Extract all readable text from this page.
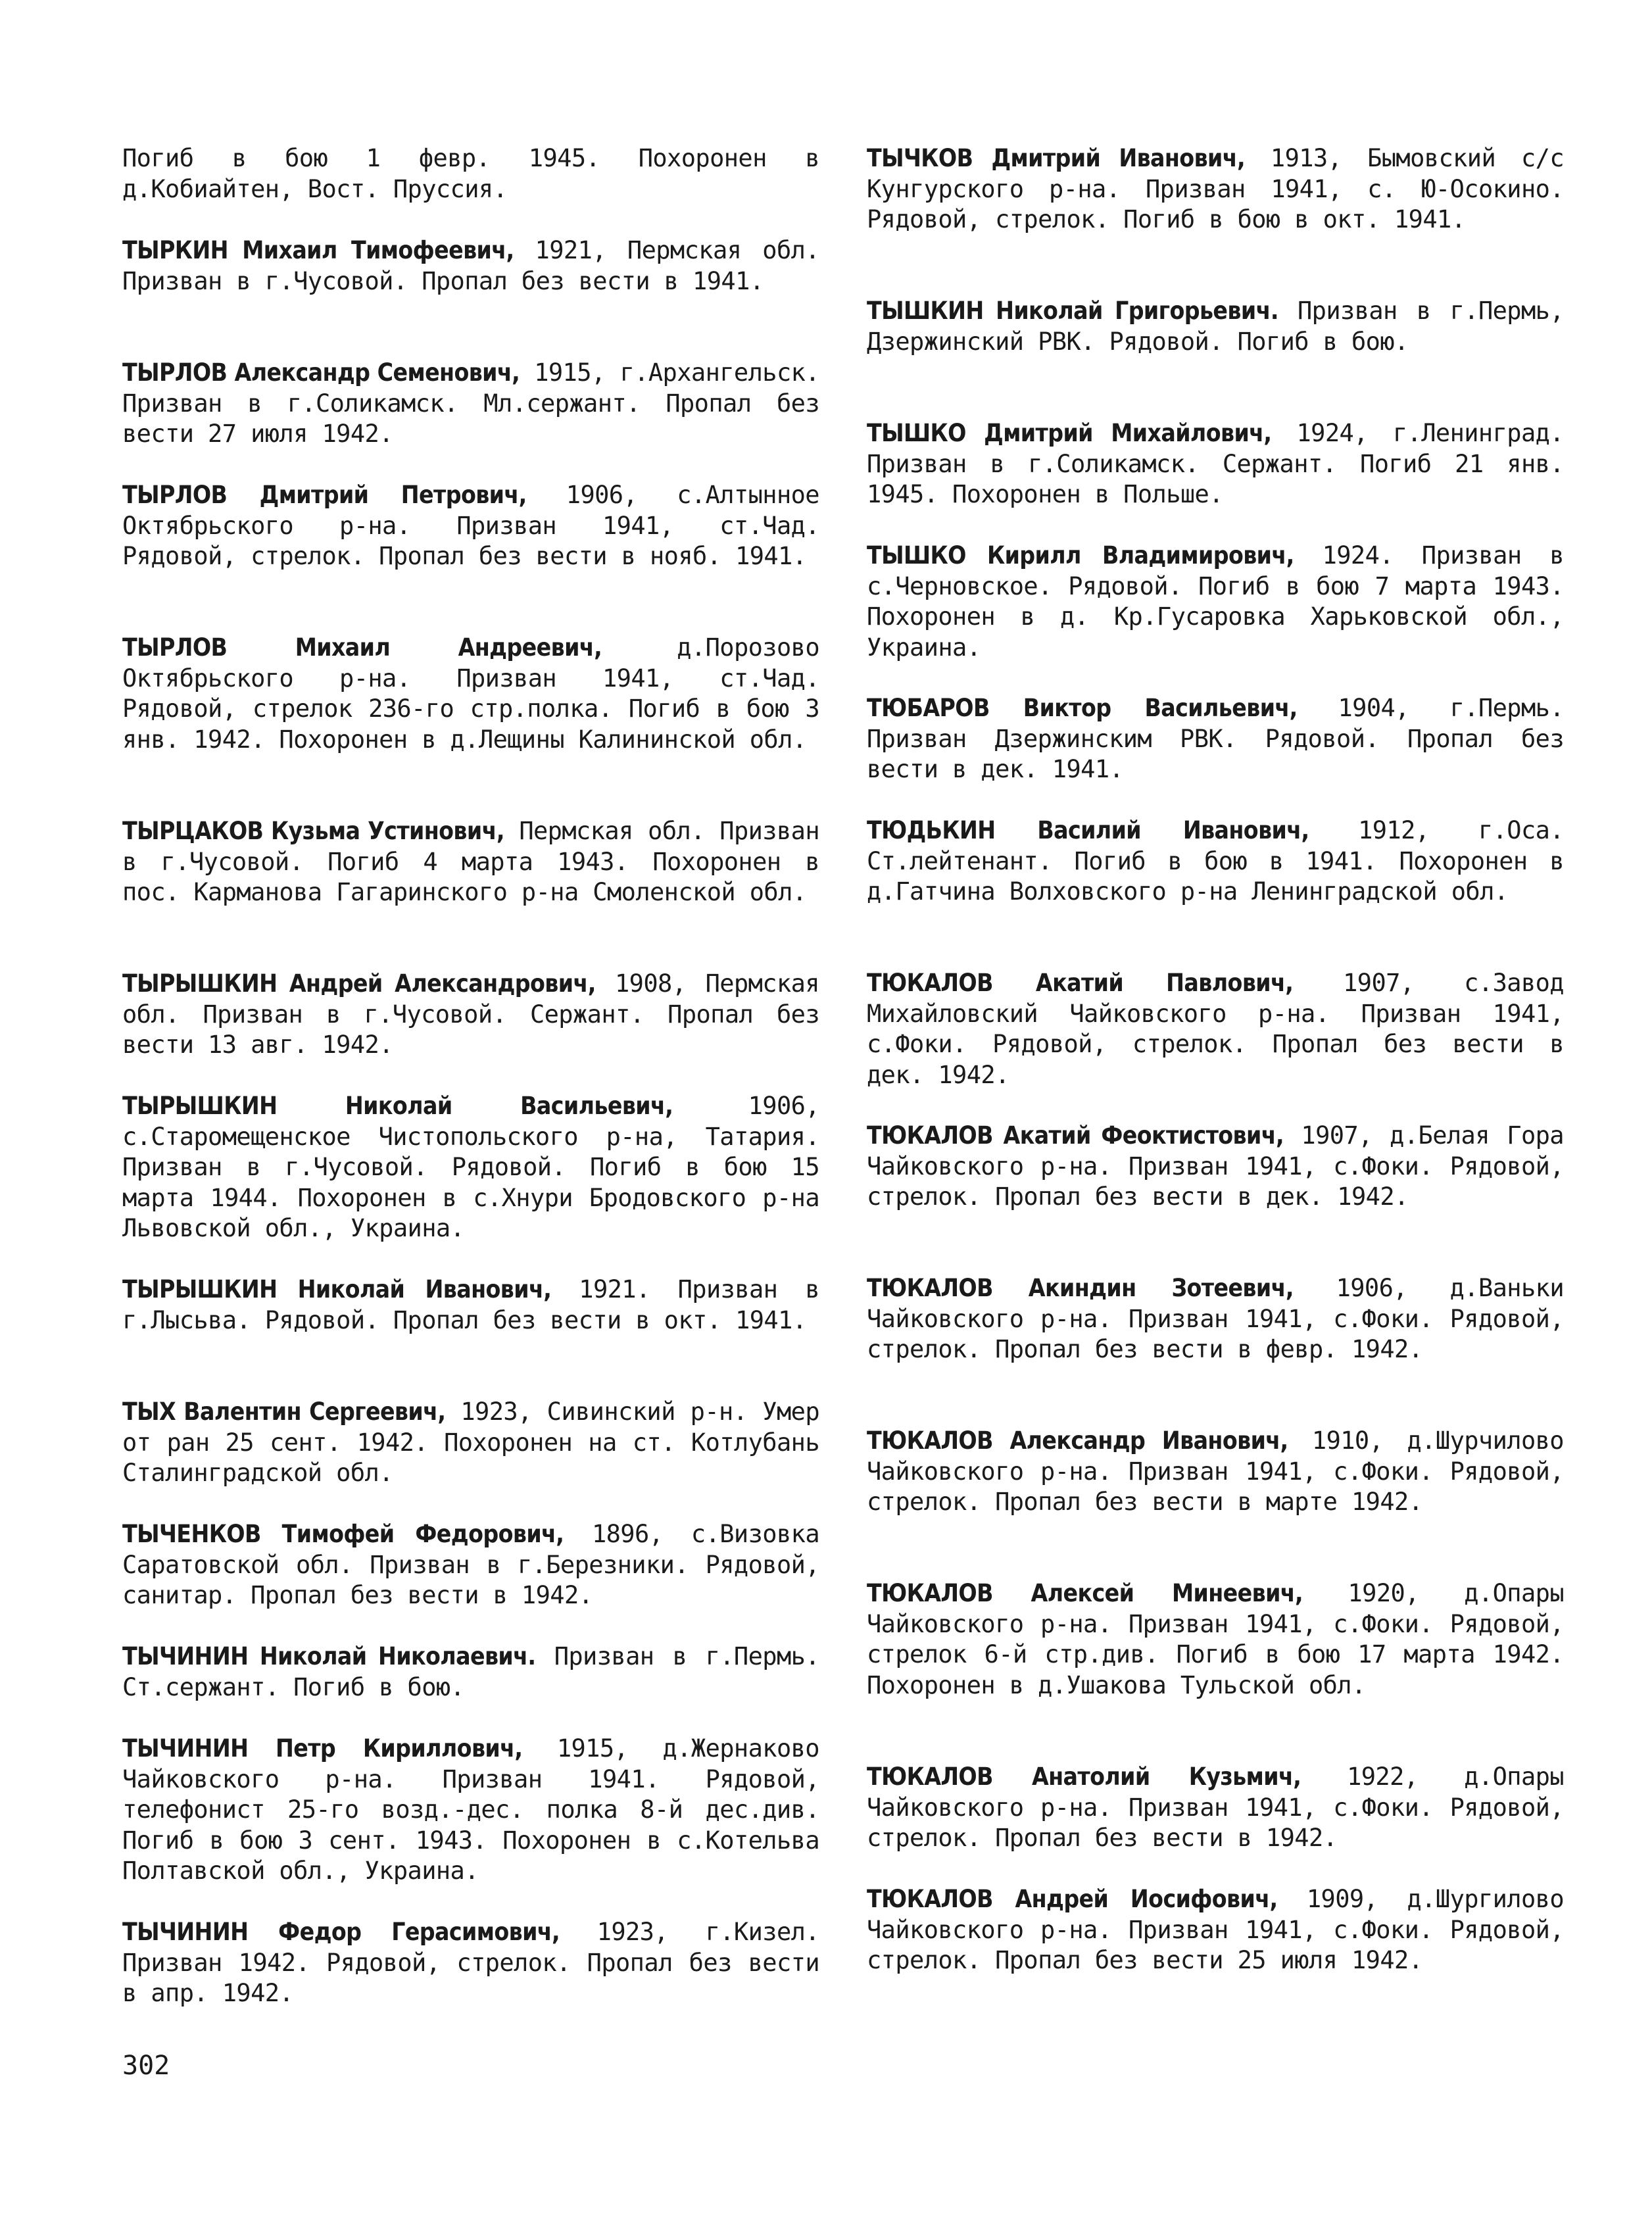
Погиб в бою 1 февр. 1945. Похоронен в д.Кобиайтен, Вост. Пруссия.

ТЫРКИН Михаил Тимофеевич, 1921, Пермская обл. Призван в г.Чусовой. Пропал без вести в 1941.

ТЫРЛОВ Александр Семенович, 1915, г.Архангельск. Призван в г.Соликамск. Мл.сержант. Пропал без вести 27 июля 1942.

ТЫРЛОВ Дмитрий Петрович, 1906, с.Алтынное Октябрьского р-на. Призван 1941, ст.Чад. Рядовой, стрелок. Пропал без вести в нояб. 1941.

ТЫРЛОВ Михаил Андреевич,	д.Порозово Октябрьского р-на. Призван 1941, ст.Чад. Рядовой, стрелок 236-го стр.полка. Погиб в бою 3 янв. 1942. Похоронен в д.Лещины Калининской обл.

ТЫРЦАКОВ Кузьма Устинович, Пермская обл. Призван в г.Чусовой. Погиб 4 марта 1943. Похоронен в пос. Карманова Гагаринского р-на Смоленской обл.

ТЫРЫШКИН Андрей Александрович, 1908, Пермская обл. Призван в г.Чусовой. Сержант. Пропал без вести 13 авг. 1942.

ТЫРЫШКИН Николай Васильевич,	1906, с.Старомещенское Чистопольского р-на, Татария. Призван в г.Чусовой. Рядовой. Погиб в бою 15 марта 1944. Похоронен в с.Хнури Бродовского р-на Львовской обл., Украина.

ТЫРЫШКИН Николай Иванович, 1921. Призван в г.Лысьва. Рядовой. Пропал без вести в окт. 1941.

ТЫХ Валентин Сергеевич, 1923, Сивинский р-н. Умер от ран 25 сент. 1942. Похоронен на ст. Котлубань Сталинградской обл.

ТЫЧЕНКОВ Тимофей Федорович, 1896, с.Визовка Саратовской обл. Призван в г.Березники. Рядовой, санитар. Пропал без вести в 1942.

ТЫЧИНИН Николай Николаевич. Призван в г.Пермь. Ст.сержант. Погиб в бою.

ТЫЧИНИН Петр Кириллович, 1915, д.Жернаково Чайковского р-на. Призван 1941. Рядовой, телефонист 25-го возд.-дес. полка 8-й дес.див. Погиб в бою 3 сент. 1943. Похоронен в с.Котельва Полтавской обл., Украина.

ТЫЧИНИН Федор Герасимович, 1923, г.Кизел. Призван 1942. Рядовой, стрелок. Пропал без вести в апр. 1942.

ТЫЧКОВ Дмитрий Иванович, 1913, Бымовский с/с Кунгурского р-на. Призван 1941, с. Ю-Осокино. Рядовой, стрелок. Погиб в бою в окт. 1941.

ТЫШКИН Николай Григорьевич. Призван в г.Пермь, Дзержинский РВК. Рядовой. Погиб в бою.

ТЫШКО Дмитрий Михайлович, 1924, г.Ленинград. Призван в г.Соликамск. Сержант. Погиб 21 янв. 1945. Похоронен в Польше.

ТЫШКО Кирилл Владимирович, 1924. Призван в с.Черновское. Рядовой. Погиб в бою 7 марта 1943. Похоронен в д. Кр.Гусаровка Харьковской обл., Украина.

ТЮБАРОВ Виктор Васильевич, 1904, г.Пермь. Призван Дзержинским РВК. Рядовой. Пропал без вести в дек. 1941.

ТЮДЬКИН Василий Иванович, 1912, г.Оса. Ст.лейтенант. Погиб в бою в 1941. Похоронен в д.Гатчина Волховского р-на Ленинградской обл.

ТЮКАЛОВ Акатий Павлович, 1907, с.Завод Михайловский Чайковского р-на. Призван 1941, с.Фоки. Рядовой, стрелок. Пропал без вести в дек. 1942.

ТЮКАЛОВ Акатий Феоктистович, 1907, д.Белая Гора Чайковского р-на. Призван 1941, с.Фоки. Рядовой, стрелок. Пропал без вести в дек. 1942.

ТЮКАЛОВ Акиндин Зотеевич, 1906, д.Ваньки Чайковского р-на. Призван 1941, с.Фоки. Рядовой, стрелок. Пропал без вести в февр. 1942.

ТЮКАЛОВ Александр Иванович, 1910, д.Шурчилово Чайковского р-на. Призван 1941, с.Фоки. Рядовой, стрелок. Пропал без вести в марте 1942.

ТЮКАЛОВ Алексей Минеевич, 1920, д.Опары Чайковского р-на. Призван 1941, с.Фоки. Рядовой, стрелок 6-й стр.див. Погиб в бою 17 марта 1942. Похоронен в д.Ушакова Тульской обл.

ТЮКАЛОВ Анатолий Кузьмич, 1922, д.Опары Чайковского р-на. Призван 1941, с.Фоки. Рядовой, стрелок. Пропал без вести в 1942.

ТЮКАЛОВ Андрей Иосифович, 1909, д.Шургилово Чайковского р-на. Призван 1941, с.Фоки. Рядовой, стрелок. Пропал без вести 25 июля 1942.

302
